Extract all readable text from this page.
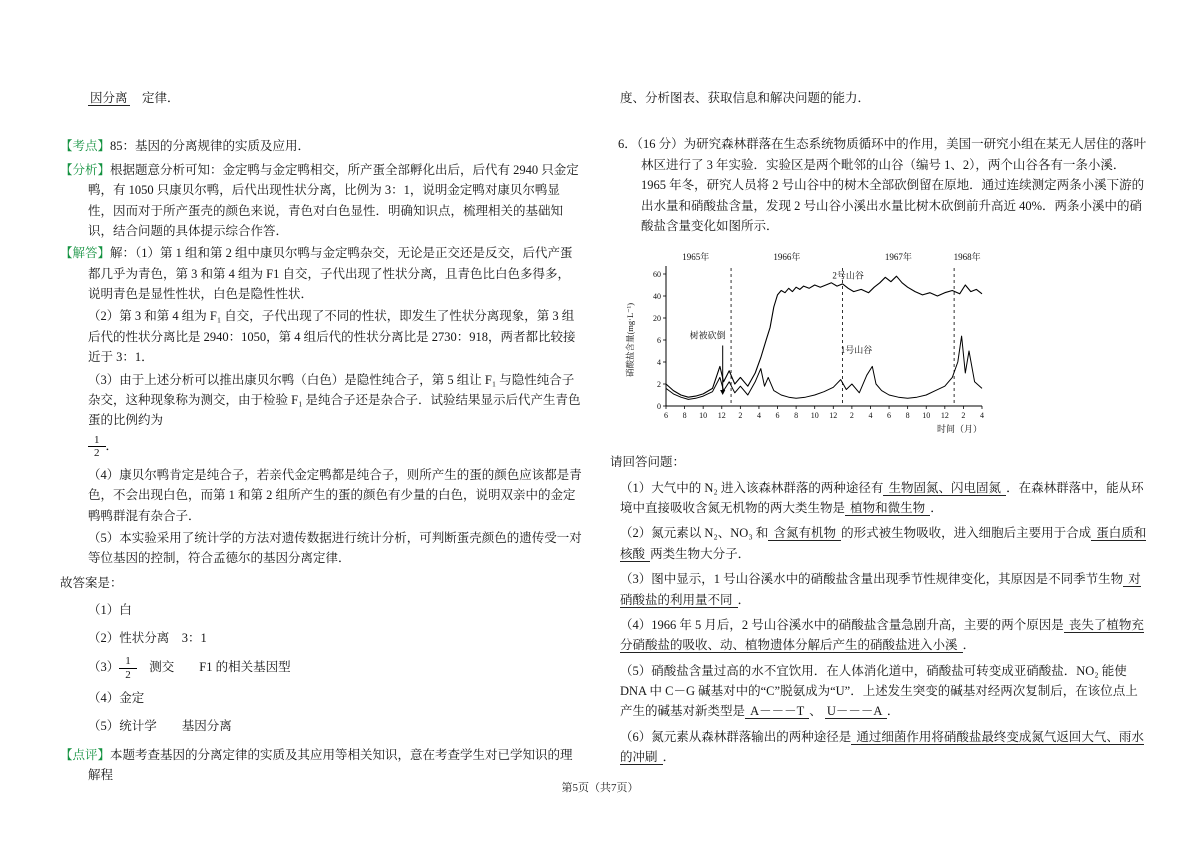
因分离　定律．

【考点】85：基因的分离规律的实质及应用．

【分析】根据题意分析可知：金定鸭与金定鸭相交，所产蛋全部孵化出后，后代有 2940 只金定鸭，有 1050 只康贝尔鸭，后代出现性状分离，比例为 3：1，说明金定鸭对康贝尔鸭显性，因而对于所产蛋壳的颜色来说，青色对白色显性．明确知识点，梳理相关的基础知识，结合问题的具体提示综合作答．

【解答】解：（1）第 1 组和第 2 组中康贝尔鸭与金定鸭杂交，无论是正交还是反交，后代产蛋都几乎为青色，第 3 和第 4 组为 F1 自交，子代出现了性状分离，且青色比白色多得多，说明青色是显性性状，白色是隐性性状．

（2）第 3 和第 4 组为 F₁ 自交，子代出现了不同的性状，即发生了性状分离现象，第 3 组后代的性状分离比是 2940：1050，第 4 组后代的性状分离比是 2730：918，两者都比较接近于 3：1．

（3）由于上述分析可以推出康贝尔鸭（白色）是隐性纯合子，第 5 组让 F₁ 与隐性纯合子杂交，这种现象称为测交，由于检验 F₁ 是纯合子还是杂合子．试验结果显示后代产生青色蛋的比例约为

$\frac{1}{2}$ ．

（4）康贝尔鸭肯定是纯合子，若亲代金定鸭都是纯合子，则所产生的蛋的颜色应该都是青色，不会出现白色，而第 1 和第 2 组所产生的蛋的颜色有少量的白色，说明双亲中的金定鸭鸭群混有杂合子．

（5）本实验采用了统计学的方法对遗传数据进行统计分析，可判断蛋壳颜色的遗传受一对等位基因的控制，符合孟德尔的基因分离定律．

故答案是：

（1）白

（2）性状分离　3：1

$(3) \frac{1}{2}$ 　测交　　F1 的相关基因型

（4）金定

（5）统计学　　基因分离

【点评】本题考查基因的分离定律的实质及其应用等相关知识，意在考查学生对已学知识的理解程

度、分析图表、获取信息和解决问题的能力．

6．（16 分）为研究森林群落在生态系统物质循环中的作用，美国一研究小组在某无人居住的落叶林区进行了 3 年实验．实验区是两个毗邻的山谷（编号 1、2），两个山谷各有一条小溪．1965 年冬，研究人员将 2 号山谷中的树木全部砍倒留在原地．通过连续测定两条小溪下游的出水量和硝酸盐含量，发现 2 号山谷小溪出水量比树木砍倒前升高近 40%．两条小溪中的硝酸盐含量变化如图所示．

0
2
4
6
20
40
60
6 8 10 12 2 4 6 8 10 12 2 4 6 8 10 12 2 4
1965年	1966年	1967年	1968年
2号山谷
1号山谷
树被砍倒
时间（月）
硝酸盐含量(mg·L⁻¹)

请回答问题：

（1）大气中的 N₂ 进入该森林群落的两种途径有 生物固氮、闪电固氮 ．在森林群落中，能从环境中直接吸收含氮无机物的两大类生物是 植物和微生物 ．

（2）氮元素以 N₂、NO₃ 和 含氮有机物 的形式被生物吸收，进入细胞后主要用于合成 蛋白质和核酸 两类生物大分子．

（3）图中显示，1 号山谷溪水中的硝酸盐含量出现季节性规律变化，其原因是不同季节生物 对硝酸盐的利用量不同 ．

（4）1966 年 5 月后，2 号山谷溪水中的硝酸盐含量急剧升高，主要的两个原因是 丧失了植物充分硝酸盐的吸收、动、植物遗体分解后产生的硝酸盐进入小溪 ．

（5）硝酸盐含量过高的水不宜饮用．在人体消化道中，硝酸盐可转变成亚硝酸盐．NO₂ 能使 DNA 中 C－G 碱基对中的“C”脱氨成为“U”．上述发生突变的碱基对经两次复制后，在该位点上产生的碱基对新类型是 A－－－T 、 U－－－A ．

（6）氮元素从森林群落输出的两种途径是 通过细菌作用将硝酸盐最终变成氮气返回大气、雨水的冲刷 ．

第5页（共7页）
